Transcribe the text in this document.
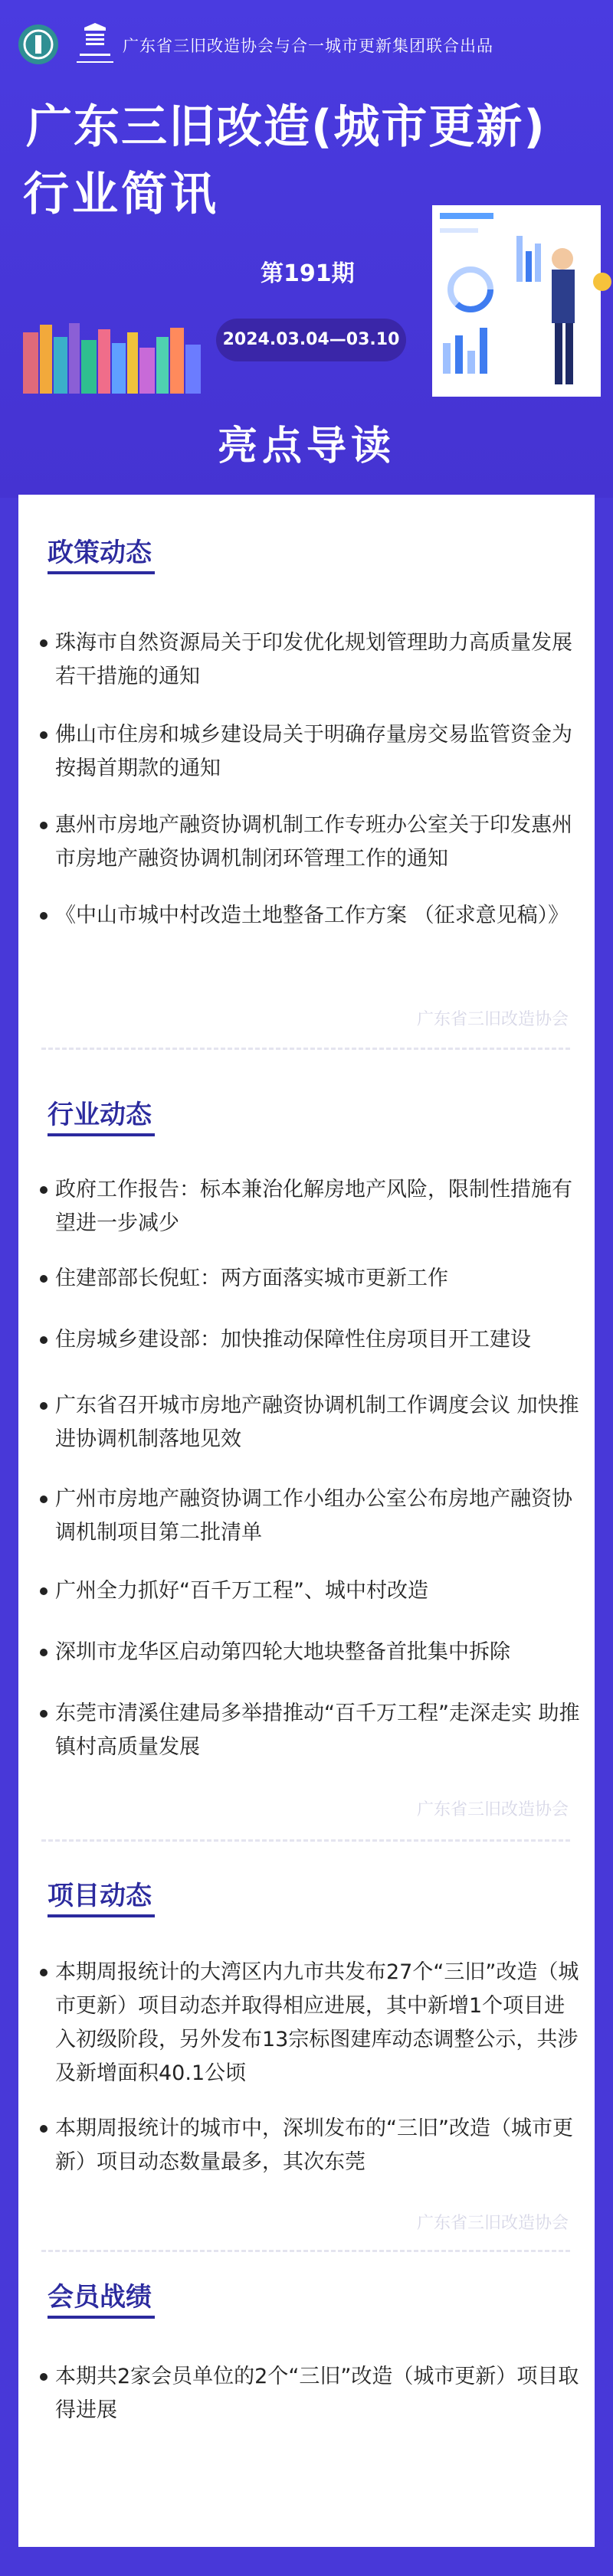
广东省三旧改造协会与合一城市更新集团联合出品
广东三旧改造(城市更新)
行业简讯
第191期
2024.03.04—03.10
亮点导读
政策动态
珠海市自然资源局关于印发优化规划管理助力高质量发展若干措施的通知
佛山市住房和城乡建设局关于明确存量房交易监管资金为按揭首期款的通知
惠州市房地产融资协调机制工作专班办公室关于印发惠州市房地产融资协调机制闭环管理工作的通知
《中山市城中村改造土地整备工作方案 （征求意见稿）》
广东省三旧改造协会
行业动态
政府工作报告：标本兼治化解房地产风险，限制性措施有望进一步减少
住建部部长倪虹：两方面落实城市更新工作
住房城乡建设部：加快推动保障性住房项目开工建设
广东省召开城市房地产融资协调机制工作调度会议 加快推进协调机制落地见效
广州市房地产融资协调工作小组办公室公布房地产融资协调机制项目第二批清单
广州全力抓好“百千万工程”、城中村改造
深圳市龙华区启动第四轮大地块整备首批集中拆除
东莞市清溪住建局多举措推动“百千万工程”走深走实 助推镇村高质量发展
广东省三旧改造协会
项目动态
本期周报统计的大湾区内九市共发布27个“三旧”改造（城市更新）项目动态并取得相应进展，其中新增1个项目进入初级阶段，另外发布13宗标图建库动态调整公示，共涉及新增面积40.1公顷
本期周报统计的城市中，深圳发布的“三旧”改造（城市更新）项目动态数量最多，其次东莞
广东省三旧改造协会
会员战绩
本期共2家会员单位的2个“三旧”改造（城市更新）项目取得进展
